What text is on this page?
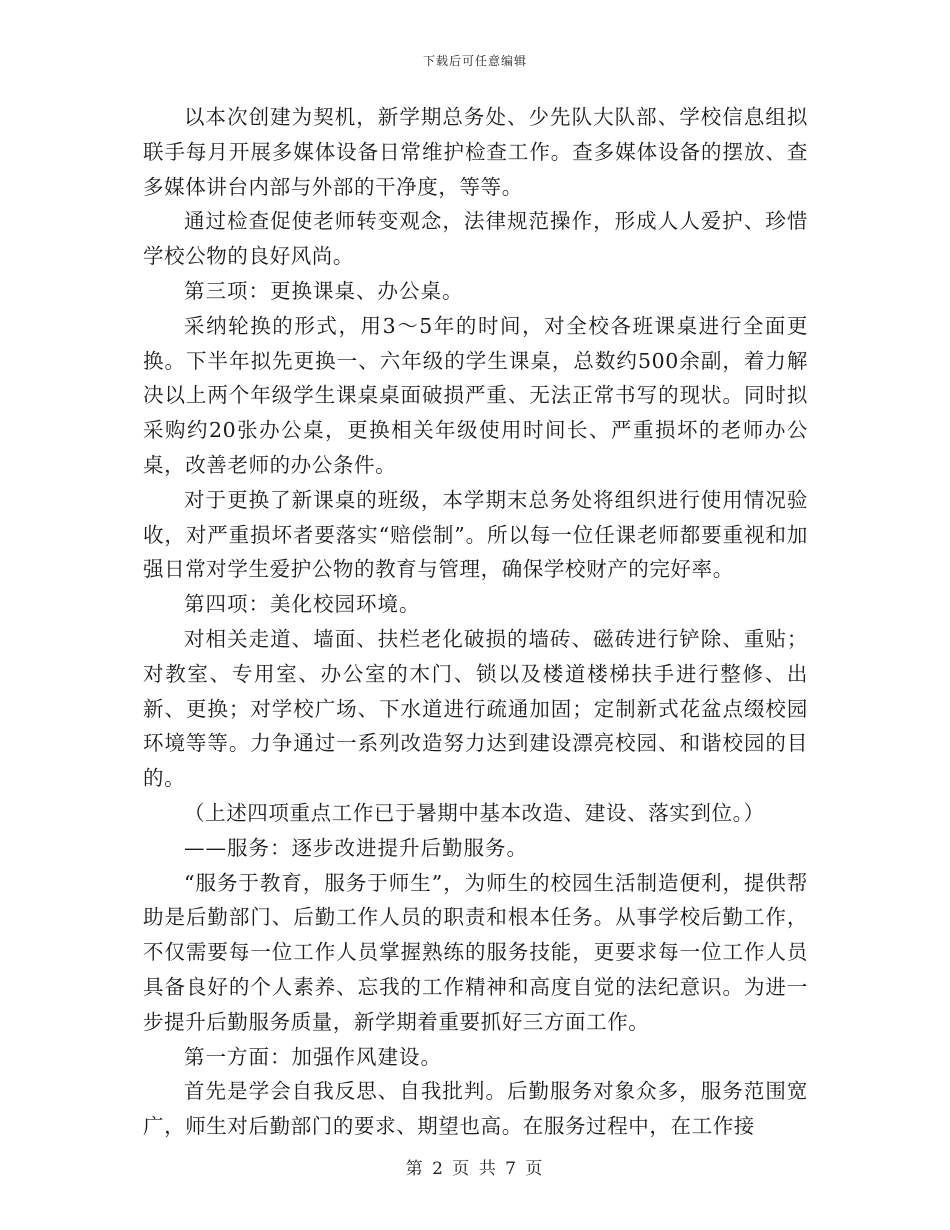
下载后可任意编辑

以本次创建为契机，新学期总务处、少先队大队部、学校信息组拟联手每月开展多媒体设备日常维护检查工作。查多媒体设备的摆放、查多媒体讲台内部与外部的干净度，等等。

通过检查促使老师转变观念，法律规范操作，形成人人爱护、珍惜学校公物的良好风尚。

第三项：更换课桌、办公桌。

采纳轮换的形式，用3～5年的时间，对全校各班课桌进行全面更换。下半年拟先更换一、六年级的学生课桌，总数约500余副，着力解决以上两个年级学生课桌桌面破损严重、无法正常书写的现状。同时拟采购约20张办公桌，更换相关年级使用时间长、严重损坏的老师办公桌，改善老师的办公条件。

对于更换了新课桌的班级，本学期末总务处将组织进行使用情况验收，对严重损坏者要落实“赔偿制”。所以每一位任课老师都要重视和加强日常对学生爱护公物的教育与管理，确保学校财产的完好率。

第四项：美化校园环境。

对相关走道、墙面、扶栏老化破损的墙砖、磁砖进行铲除、重贴；对教室、专用室、办公室的木门、锁以及楼道楼梯扶手进行整修、出新、更换；对学校广场、下水道进行疏通加固；定制新式花盆点缀校园环境等等。力争通过一系列改造努力达到建设漂亮校园、和谐校园的目的。

（上述四项重点工作已于暑期中基本改造、建设、落实到位。）

——服务：逐步改进提升后勤服务。

“服务于教育，服务于师生”，为师生的校园生活制造便利，提供帮助是后勤部门、后勤工作人员的职责和根本任务。从事学校后勤工作，不仅需要每一位工作人员掌握熟练的服务技能，更要求每一位工作人员具备良好的个人素养、忘我的工作精神和高度自觉的法纪意识。为进一步提升后勤服务质量，新学期着重要抓好三方面工作。

第一方面：加强作风建设。

首先是学会自我反思、自我批判。后勤服务对象众多，服务范围宽广，师生对后勤部门的要求、期望也高。在服务过程中，在工作接

第 2 页 共 7 页
